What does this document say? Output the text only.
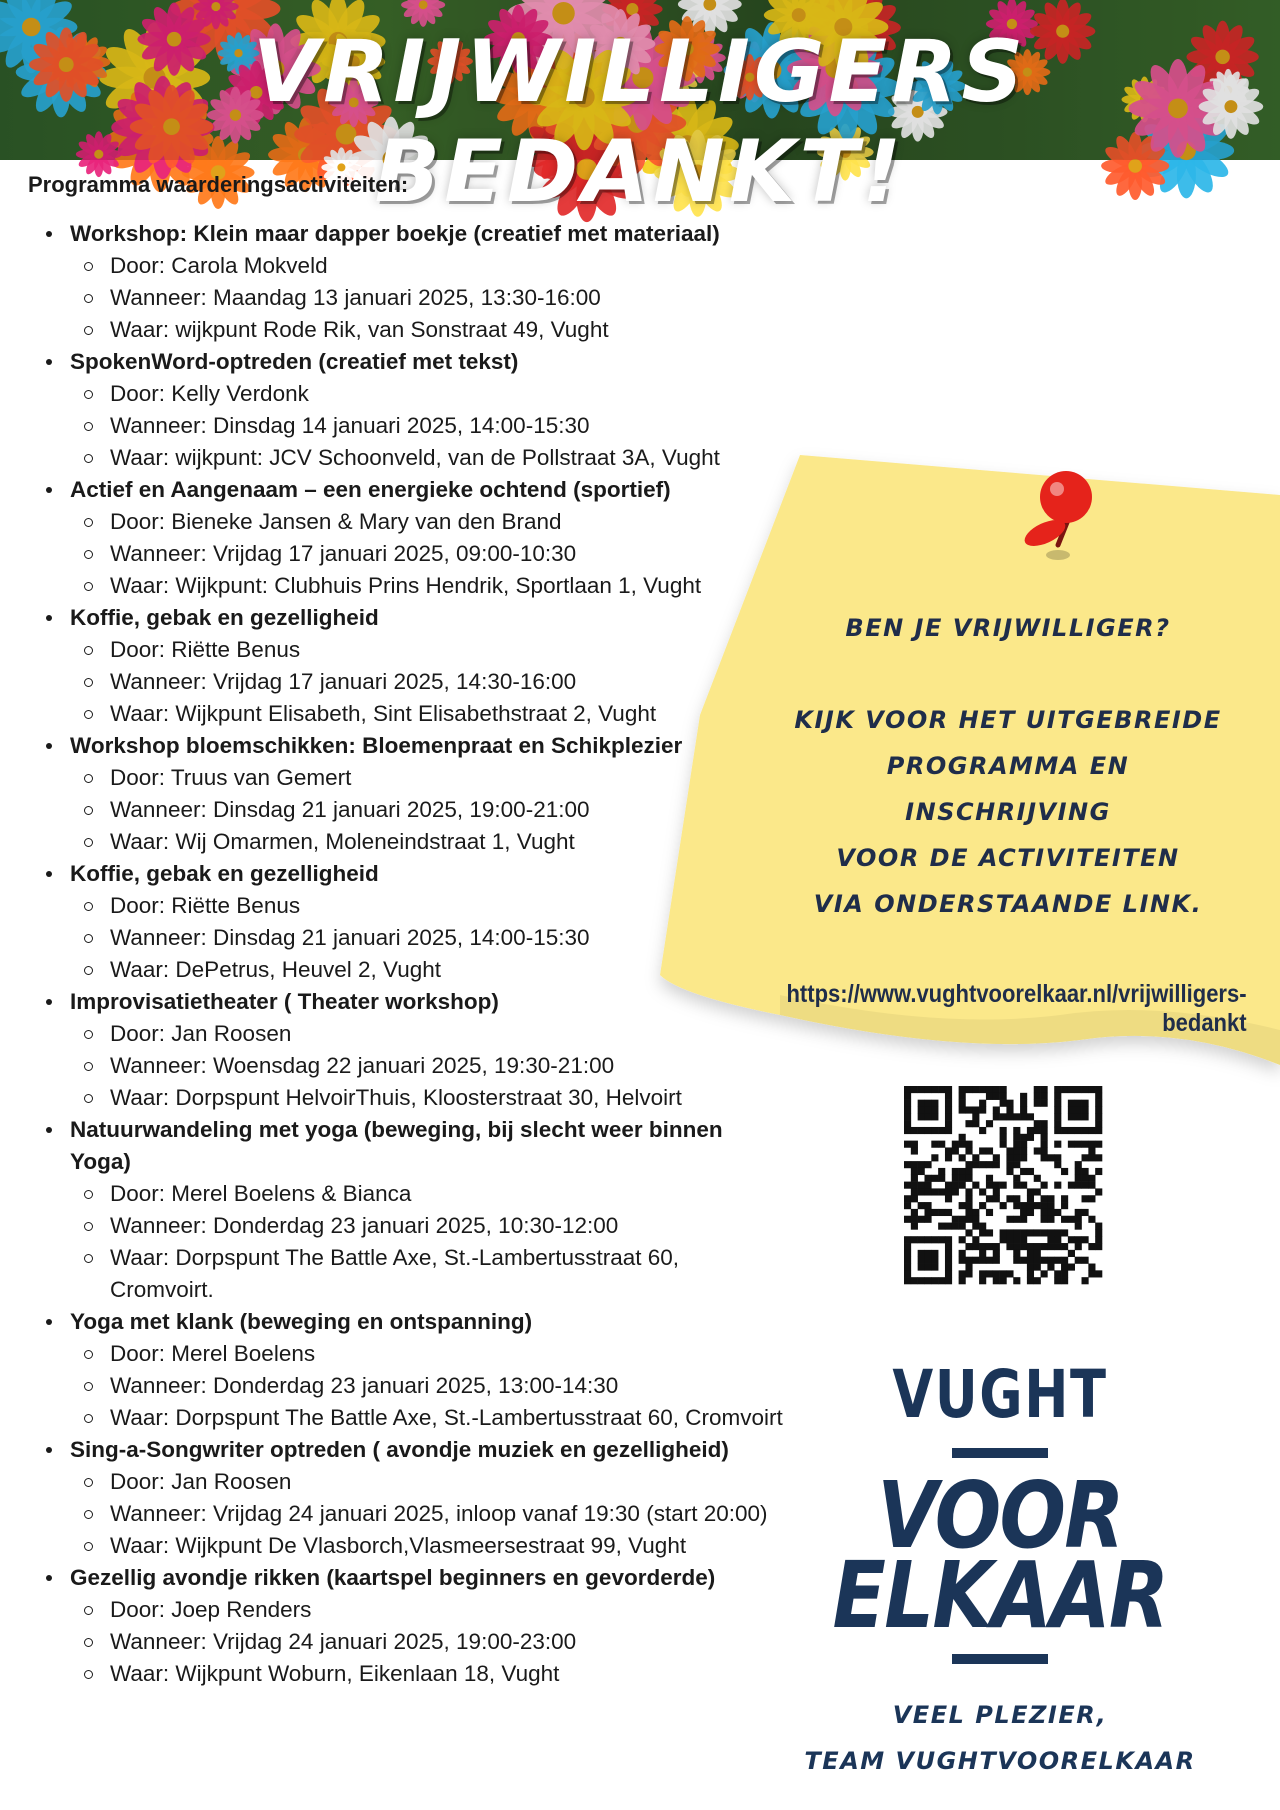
VRIJWILLIGERS BEDANKT!
Programma waarderingsactiviteiten:
Workshop: Klein maar dapper boekje (creatief met materiaal)
Door: Carola Mokveld
Wanneer: Maandag 13 januari 2025, 13:30-16:00
Waar: wijkpunt Rode Rik, van Sonstraat 49, Vught
SpokenWord-optreden (creatief met tekst)
Door: Kelly Verdonk
Wanneer: Dinsdag 14 januari 2025, 14:00-15:30
Waar: wijkpunt: JCV Schoonveld, van de Pollstraat 3A, Vught
Actief en Aangenaam – een energieke ochtend (sportief)
Door: Bieneke Jansen & Mary van den Brand
Wanneer: Vrijdag 17 januari 2025, 09:00-10:30
Waar: Wijkpunt: Clubhuis Prins Hendrik, Sportlaan 1, Vught
Koffie, gebak en gezelligheid
Door: Riëtte Benus
Wanneer: Vrijdag 17 januari 2025, 14:30-16:00
Waar: Wijkpunt Elisabeth, Sint Elisabethstraat 2, Vught
Workshop bloemschikken: Bloemenpraat en Schikplezier
Door: Truus van Gemert
Wanneer: Dinsdag 21 januari 2025, 19:00-21:00
Waar: Wij Omarmen, Moleneindstraat 1, Vught
Koffie, gebak en gezelligheid
Door: Riëtte Benus
Wanneer: Dinsdag 21 januari 2025, 14:00-15:30
Waar: DePetrus, Heuvel 2, Vught
Improvisatietheater ( Theater workshop)
Door: Jan Roosen
Wanneer: Woensdag 22 januari 2025, 19:30-21:00
Waar: Dorpspunt HelvoirThuis, Kloosterstraat 30, Helvoirt
Natuurwandeling met yoga (beweging, bij slecht weer binnen Yoga)
Door: Merel Boelens & Bianca
Wanneer: Donderdag 23 januari 2025, 10:30-12:00
Waar: Dorpspunt The Battle Axe, St.-Lambertusstraat 60, Cromvoirt.
Yoga met klank (beweging en ontspanning)
Door: Merel Boelens
Wanneer: Donderdag 23 januari 2025, 13:00-14:30
Waar: Dorpspunt The Battle Axe, St.-Lambertusstraat 60, Cromvoirt
Sing-a-Songwriter optreden ( avondje muziek en gezelligheid)
Door: Jan Roosen
Wanneer: Vrijdag 24 januari 2025, inloop vanaf 19:30 (start 20:00)
Waar: Wijkpunt De Vlasborch,Vlasmeersestraat 99, Vught
Gezellig avondje rikken (kaartspel beginners en gevorderde)
Door: Joep Renders
Wanneer: Vrijdag 24 januari 2025, 19:00-23:00
Waar: Wijkpunt Woburn, Eikenlaan 18, Vught
BEN JE VRIJWILLIGER?
KIJK VOOR HET UITGEBREIDE
PROGRAMMA EN
INSCHRIJVING
VOOR DE ACTIVITEITEN
VIA ONDERSTAANDE LINK.
https://www.vughtvoorelkaar.nl/vrijwilligers-bedankt
VUGHT
VOOR
ELKAAR
VEEL PLEZIER,
TEAM VUGHTVOORELKAAR
